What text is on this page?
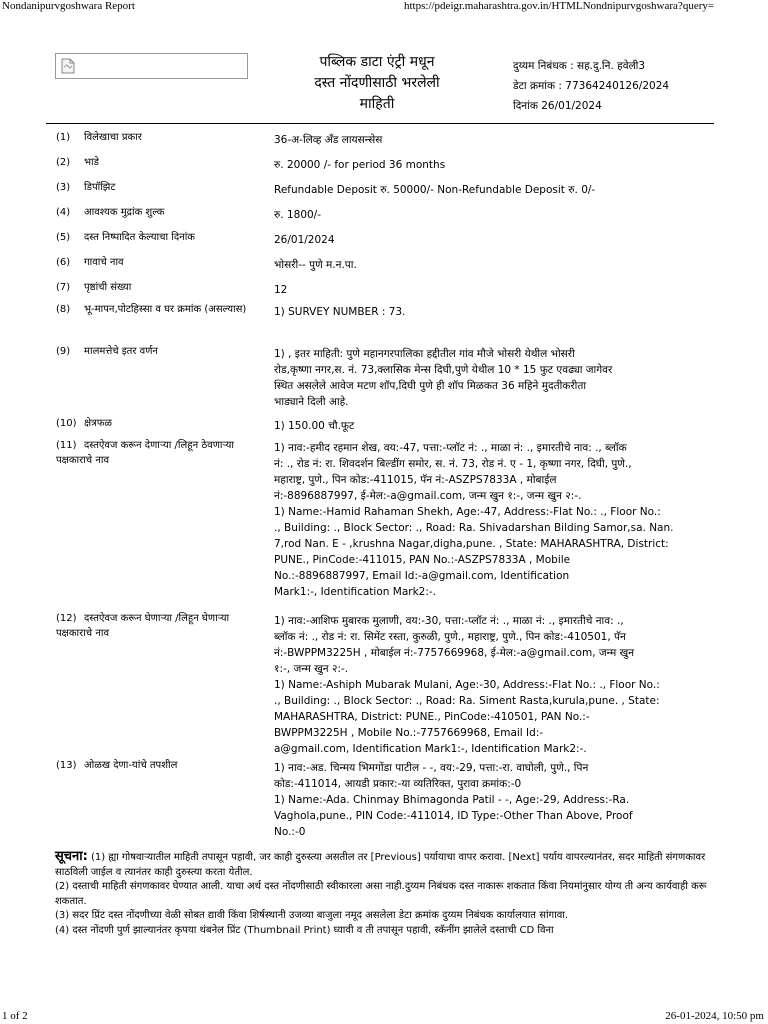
Nondanipurvgoshwara Report	https://pdeigr.maharashtra.gov.in/HTMLNondnipurvgoshwara?query=
पब्लिक डाटा एंट्री मधून
दस्त नोंदणीसाठी भरलेली
माहिती
दुय्यम निबंधक : सह.दु.नि. हवेली3
डेटा क्रमांक : 77364240126/2024
दिनांक 26/01/2024
(1) विलेखाचा प्रकार	36-अ-लिव्ह अँड लायसन्सेस
(2) भाडे	रु. 20000 /- for period 36 months
(3) डिपॉझिट	Refundable Deposit रु. 50000/- Non-Refundable Deposit रु. 0/-
(4) आवश्यक मुद्रांक शुल्क	रु. 1800/-
(5) दस्त निष्पादित केल्याचा दिनांक	26/01/2024
(6) गावाचे नाव	भोसरी-- पुणे म.न.पा.
(7) पृष्ठांची संख्या	12
(8) भू-मापन,पोटहिस्सा व घर क्रमांक (असल्यास)	1) SURVEY NUMBER : 73.
(9) मालमत्तेचे इतर वर्णन	1) , इतर माहिती: पुणे महानगरपालिका हद्दीतील गांव मौजे भोसरी येथील भोसरी
रोड,कृष्णा नगर,स. नं. 73,क्लासिक मेन्स दिघी,पुणे येथील 10 * 15 फुट एवढ्या जागेवर
स्थित असलेले आवेज मटण शॉप,दिघी पुणे ही शॉप मिळकत 36 महिने मुदतीकरीता
भाड्याने दिली आहे.
(10) क्षेत्रफळ	1) 150.00 चौ.फूट
(11) दस्तऐवज करून देणाऱ्या /लिहून ठेवणाऱ्या पक्षकाराचे नाव
1) नाव:-हमीद रहमान शेख, वय:-47, पत्ता:-प्लॉट नं: ., माळा नं: ., इमारतीचे नाव: ., ब्लॉक
नं: ., रोड नं: रा. शिवदर्शन बिल्डींग समोर, स. नं. 73, रोड नं. ए - 1, कृष्णा नगर, दिघी, पुणे.,
महाराष्ट्र, पुणे., पिन कोड:-411015, पॅन नं:-ASZPS7833A , मोबाईल
नं:-8896887997, ई-मेल:-a@gmail.com, जन्म खुन १:-, जन्म खुन २:-.
1) Name:-Hamid Rahaman Shekh, Age:-47, Address:-Flat No.: ., Floor No.:
., Building: ., Block Sector: ., Road: Ra. Shivadarshan Bilding Samor,sa. Nan.
7,rod Nan. E - ,krushna Nagar,digha,pune. , State: MAHARASHTRA, District:
PUNE., PinCode:-411015, PAN No.:-ASZPS7833A , Mobile
No.:-8896887997, Email Id:-a@gmail.com, Identification
Mark1:-, Identification Mark2:-.
(12) दस्तऐवज करून घेणाऱ्या /लिहून घेणाऱ्या पक्षकाराचे नाव
1) नाव:-आशिफ मुबारक मुलाणी, वय:-30, पत्ता:-प्लॉट नं: ., माळा नं: ., इमारतीचे नाव: .,
ब्लॉक नं: ., रोड नं: रा. सिमेंट रस्ता, कुरुळी, पुणे., महाराष्ट्र, पुणे., पिन कोड:-410501, पॅन
नं:-BWPPM3225H , मोबाईल नं:-7757669968, ई-मेल:-a@gmail.com, जन्म खुन
१:-, जन्म खुन २:-.
1) Name:-Ashiph Mubarak Mulani, Age:-30, Address:-Flat No.: ., Floor No.:
., Building: ., Block Sector: ., Road: Ra. Siment Rasta,kurula,pune. , State:
MAHARASHTRA, District: PUNE., PinCode:-410501, PAN No.:-
BWPPM3225H , Mobile No.:-7757669968, Email Id:-
a@gmail.com, Identification Mark1:-, Identification Mark2:-.
(13) ओळख देणा-यांचे तपशील	1) नाव:-अड. चिन्मय भिमगोंडा पाटील - -, वय:-29, पत्ता:-रा. वाघोली, पुणे., पिन
कोड:-411014, आयडी प्रकार:-या व्यतिरिक्त, पुरावा क्रमांक:-0
1) Name:-Ada. Chinmay Bhimagonda Patil - -, Age:-29, Address:-Ra.
Vagholа,pune., PIN Code:-411014, ID Type:-Other Than Above, Proof
No.:-0

सूचना: (1) ह्या गोषवाऱ्यातील माहिती तपासून पहावी, जर काही दुरुस्त्या असतील तर [Previous] पर्यायाचा वापर करावा. [Next] पर्याय वापरल्यानंतर, सदर माहिती संगणकावर साठविली जाईल व त्यानंतर काही दुरुस्त्या करता येतील.

(2) दस्ताची माहिती संगणकावर घेण्यात आली. याचा अर्थ दस्त नोंदणीसाठी स्वीकारला असा नाही.दुय्यम निबंधक दस्त नाकारू शकतात किंवा नियमांनुसार योग्य ती अन्य कार्यवाही करू शकतात.

(3) सदर प्रिंट दस्त नोंदणीच्या वेळी सोबत द्यावी किंवा शिर्षस्थानी उजव्या बाजुला नमूद असलेला डेटा क्रमांक दुय्यम निबंधक कार्यालयात सांगावा.

(4) दस्त नोंदणी पुर्ण झाल्यानंतर कृपया थंबनेल प्रिंट (Thumbnail Print) घ्यावी व ती तपासून पहावी, स्कॅनींग झालेले दस्ताची CD विना

1 of 2	26-01-2024, 10:50 pm
